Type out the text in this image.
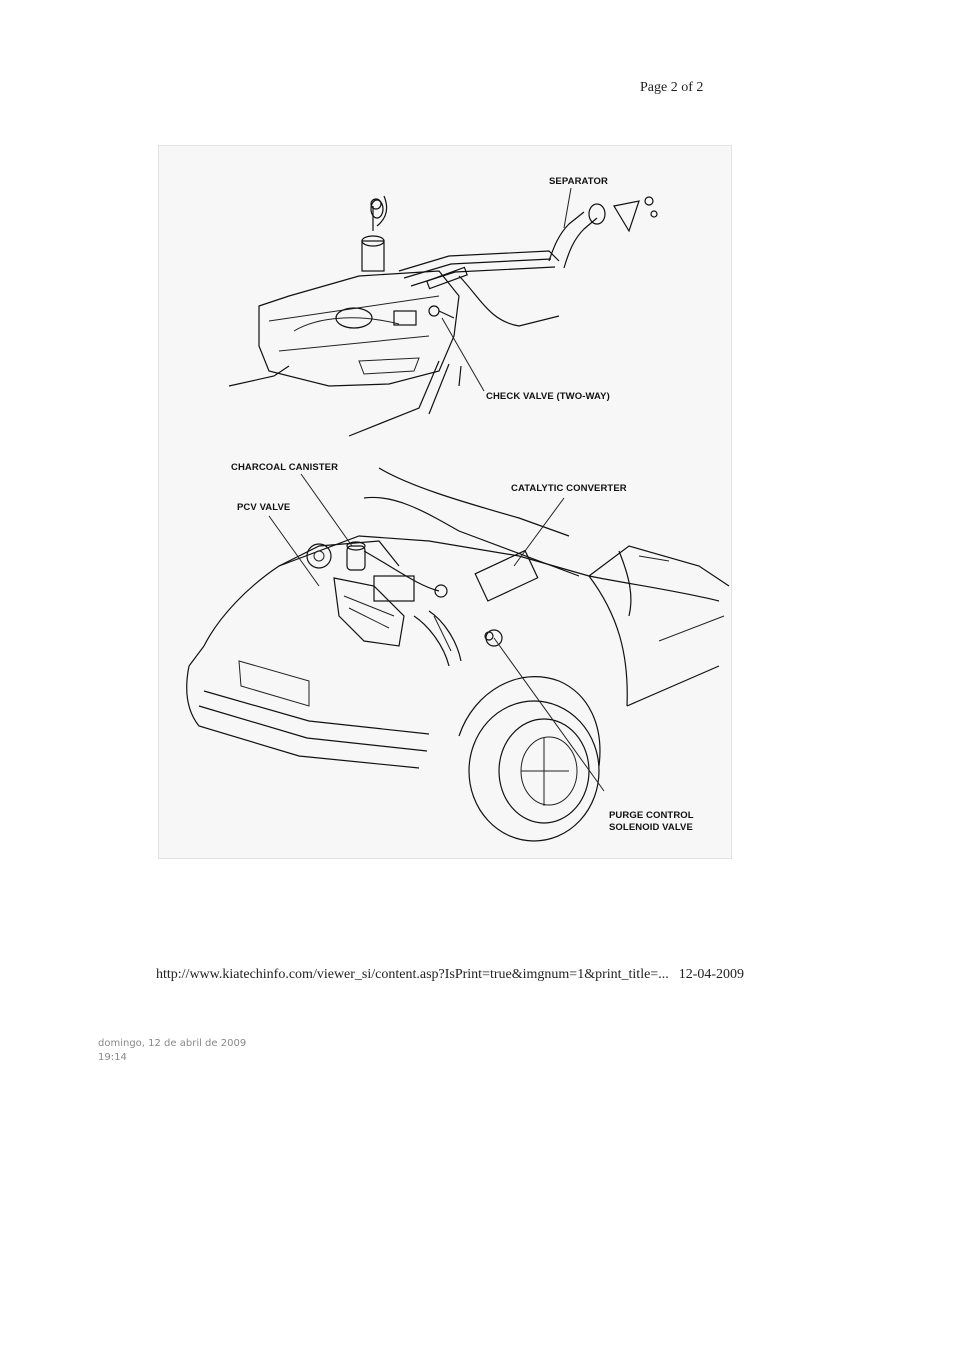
Page 2 of 2
SEPARATOR
CHECK VALVE (TWO-WAY)
CHARCOAL CANISTER
CATALYTIC CONVERTER
PCV VALVE
PURGE CONTROL
SOLENOID VALVE
http://www.kiatechinfo.com/viewer_si/content.asp?IsPrint=true&imgnum=1&print_title=... 12-04-2009
domingo, 12 de abril de 2009
19:14
